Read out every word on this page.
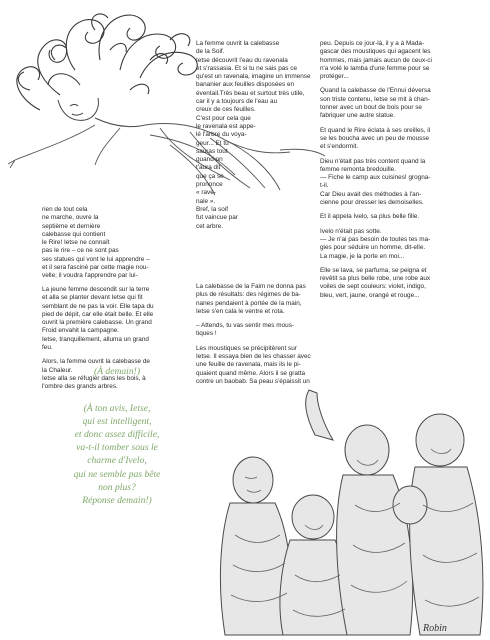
Robin

rien de tout cela
ne marche, ouvre la
septième et dernière
calebasse qui contient
le Rire! Ietse ne connaît
pas le rire – ce ne sont pas
ses statues qui vont le lui apprendre –
et il sera fasciné par cette magie nou-
velle; il voudra l'apprendre par lui-

La femme ouvrit la calebasse
de la Soif.
Ietse découvrit l'eau du ravenala
et s'rassasia. Et si tu ne sais pas ce
qu'est un ravenala, imagine un immense
bananier aux feuilles disposées en
éventail.Très beau et surtout très utile,
car il y a toujours de l'eau au
creux de ces feuilles.
C'est pour cela que
le ravenala est appe-
lé l'arbre du voya-
geur... Et tu
sauras tout
quand on
t'aura dit
que ça se
prononce
« rave-
nale ».
Bref, la soif
fut vaincue par
cet arbre.

La jeune femme descendit sur la terre
et alla se planter devant Ietse qui fit
semblant de ne pas la voir. Elle tapa du
pied de dépit, car elle était belle. Et elle
ouvrit la première calebasse. Un grand
Froid envahit la campagne.
Ietse, tranquillement, alluma un grand
feu.

Alors, la femme ouvrit la calebasse de
la Chaleur.
Ietse alla se réfugier dans les bois, à
l'ombre des grands arbres.

La calebasse de la Faim ne donna pas
plus de résultats: des régimes de ba-
nanes pendaient à portée de la main,
Ietse s'en cala le ventre et rota.

– Attends, tu vas sentir mes mous-
tiques !

Les moustiques se précipitèrent sur
Ietse. Il essaya bien de les chasser avec
une feuille de ravenala, mais ils le pi-
quaient quand même. Alors il se gratta
contre un baobab. Sa peau s'épaissit un

peu. Depuis ce jour-là, il y a à Mada-
gascar des moustiques qui agacent les
hommes, mais jamais aucun de ceux-ci
n'a volé le lamba d'une femme pour se
protéger...

Quand la calebasse de l'Ennui déversa
son triste contenu, Ietse se mit à chan-
tonner avec un bout de bois pour se
fabriquer une autre statue.

Et quand le Rire éclata à ses oreilles, il
se les boucha avec un peu de mousse
et s'endormit.

Dieu n'était pas très content quand la
femme remonta bredouille.
— Fiche le camp aux cuisines! grogna-
t-il.
Car Dieu avait des méthodes à l'an-
cienne pour dresser les demoiselles.

Et il appela Ivelo, sa plus belle fille.

Ivelo n'était pas sotte.
— Je n'ai pas besoin de toutes tes ma-
gies pour séduire un homme, dit-elle.
La magie, je la porte en moi...

Elle se lava, se parfuma, se peigna et
revêtit sa plus belle robe, une robe aux
voiles de sept couleurs: violet, indigo,
bleu, vert, jaune, orangé et rouge...

(À demain!)

(À ton avis, Ietse,
qui est intelligent,
et donc assez difficile,
va-t-il tomber sous le
charme d'Ivelo,
qui ne semble pas bête
non plus?
Réponse demain!)
